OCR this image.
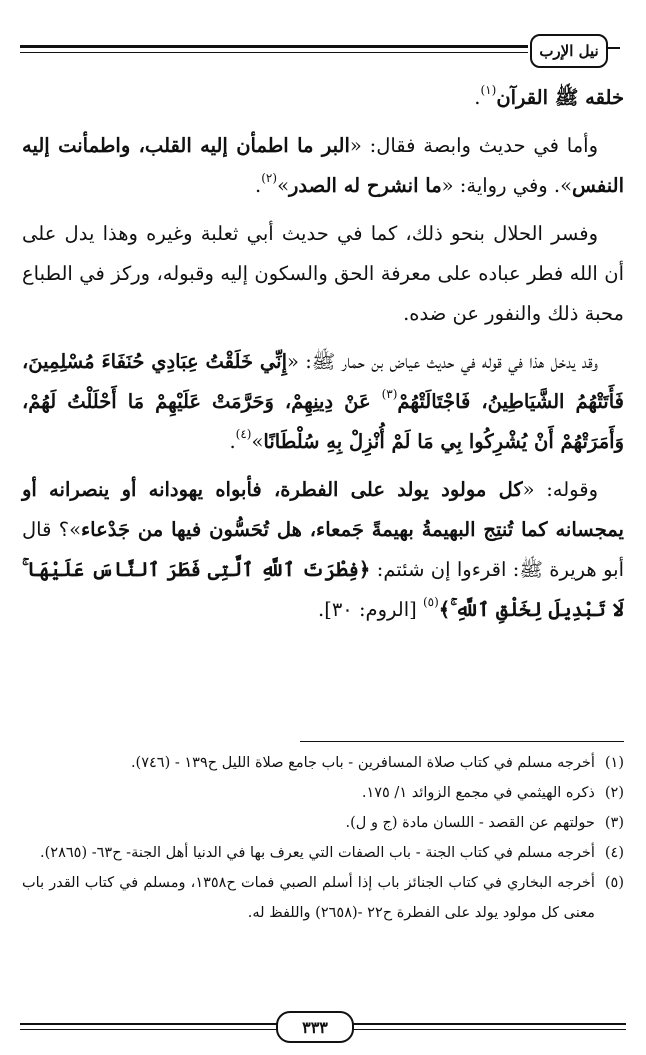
نيل الإرب

خلقه ﷺ القرآن$^{(١)}$.

وأما في حديث وابصة فقال: «البر ما اطمأن إليه القلب، واطمأنت إليه النفس». وفي رواية: «ما انشرح له الصدر»$^{(٢)}$.

وفسر الحلال بنحو ذلك، كما في حديث أبي ثعلبة وغيره وهذا يدل على أن الله فطر عباده على معرفة الحق والسكون إليه وقبوله، وركز في الطباع محبة ذلك والنفور عن ضده.

وقد يدخل هذا في قوله في حديث عياض بن حمار ﷺ: «إِنِّي خَلَقْتُ عِبَادِي حُنَفَاءَ مُسْلِمِينَ، فَأَتَتْهُمُ الشَّيَاطِينُ، فَاجْتَالَتْهُمْ$^{(٣)}$ عَنْ دِينِهِمْ، وَحَرَّمَتْ عَلَيْهِمْ مَا أَحْلَلْتُ لَهُمْ، وَأَمَرَتْهُمْ أَنْ يُشْرِكُوا بِي مَا لَمْ أُنْزِلْ بِهِ سُلْطَانًا»$^{(٤)}$.

وقوله: «كل مولود يولد على الفطرة، فأبواه يهودانه أو ينصرانه أو يمجسانه كما تُنتِج البهيمةُ بهيمةً جَمعاء، هل تُحَسُّون فيها من جَدْعاء»؟ قال أبو هريرة ﷺ: اقرءوا إن شئتم: ﴿فِطْرَتَ ٱللَّهِ ٱلَّتِى فَطَرَ ٱلنَّاسَ عَلَيْهَا ۚ لَا تَبْدِيلَ لِخَلْقِ ٱللَّهِ ۚ﴾$^{(٥)}$ [الروم: ٣٠].

(١)
أخرجه مسلم في كتاب صلاة المسافرين - باب جامع صلاة الليل ح١٣٩ - (٧٤٦).
(٢)
ذكره الهيثمي في مجمع الزوائد ١/ ١٧٥.
(٣)
حولتهم عن القصد - اللسان مادة (ج و ل).
(٤)
أخرجه مسلم في كتاب الجنة - باب الصفات التي يعرف بها في الدنيا أهل الجنة- ح٦٣- (٢٨٦٥).
(٥)
أخرجه البخاري في كتاب الجنائز باب إذا أسلم الصبي فمات ح١٣٥٨، ومسلم في كتاب القدر باب معنى كل مولود يولد على الفطرة ح٢٢ -(٢٦٥٨) واللفظ له.
٣٣٣
